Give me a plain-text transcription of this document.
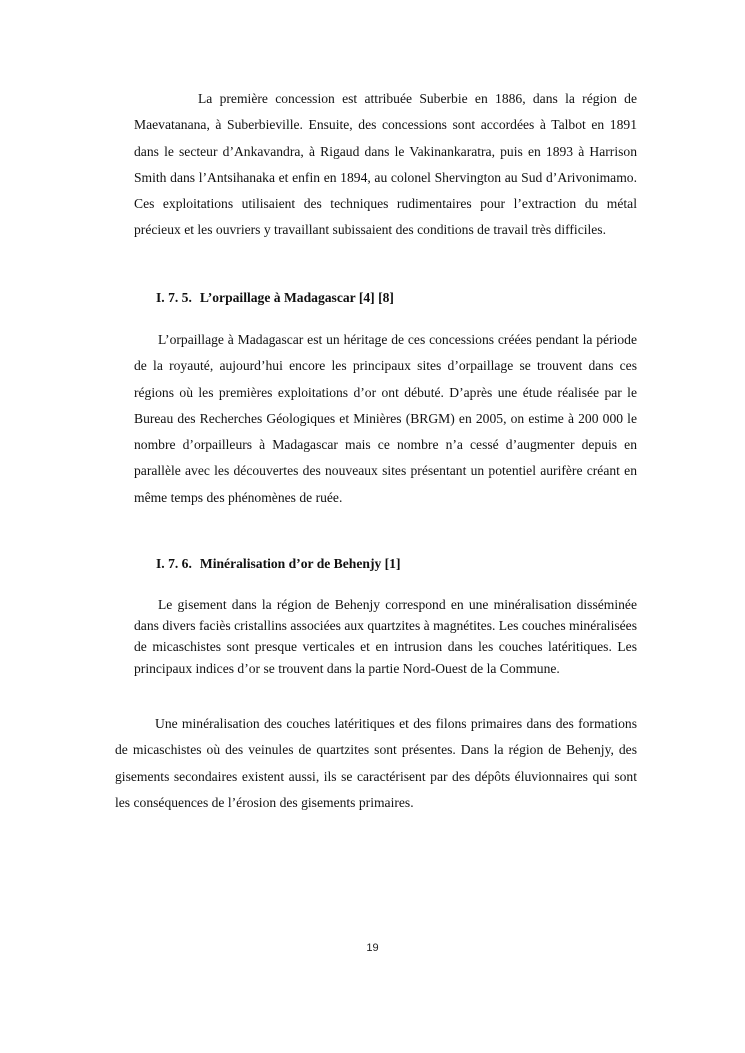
La première concession est attribuée Suberbie en 1886, dans la région de Maevatanana, à Suberbieville. Ensuite, des concessions sont accordées à Talbot en 1891 dans le secteur d’Ankavandra, à Rigaud dans le Vakinankaratra, puis en 1893 à Harrison Smith dans l’Antsihanaka et enfin en 1894, au colonel Shervington au Sud d’Arivonimamo. Ces exploitations utilisaient des techniques rudimentaires pour l’extraction du métal précieux et les ouvriers y travaillant subissaient des conditions de travail très difficiles.

I. 7. 5. L’orpaillage à Madagascar [4] [8]

L’orpaillage à Madagascar est un héritage de ces concessions créées pendant la période de la royauté, aujourd’hui encore les principaux sites d’orpaillage se trouvent dans ces régions où les premières exploitations d’or ont débuté. D’après une étude réalisée par le Bureau des Recherches Géologiques et Minières (BRGM) en 2005, on estime à 200 000 le nombre d’orpailleurs à Madagascar mais ce nombre n’a cessé d’augmenter depuis en parallèle avec les découvertes des nouveaux sites présentant un potentiel aurifère créant en même temps des phénomènes de ruée.

I. 7. 6. Minéralisation d’or de Behenjy [1]

Le gisement dans la région de Behenjy correspond en une minéralisation disséminée dans divers faciès cristallins associées aux quartzites à magnétites. Les couches minéralisées de micaschistes sont presque verticales et en intrusion dans les couches latéritiques. Les principaux indices d’or se trouvent dans la partie Nord-Ouest de la Commune.

Une minéralisation des couches latéritiques et des filons primaires dans des formations de micaschistes où des veinules de quartzites sont présentes. Dans la région de Behenjy, des gisements secondaires existent aussi, ils se caractérisent par des dépôts éluvionnaires qui sont les conséquences de l’érosion des gisements primaires.

19
